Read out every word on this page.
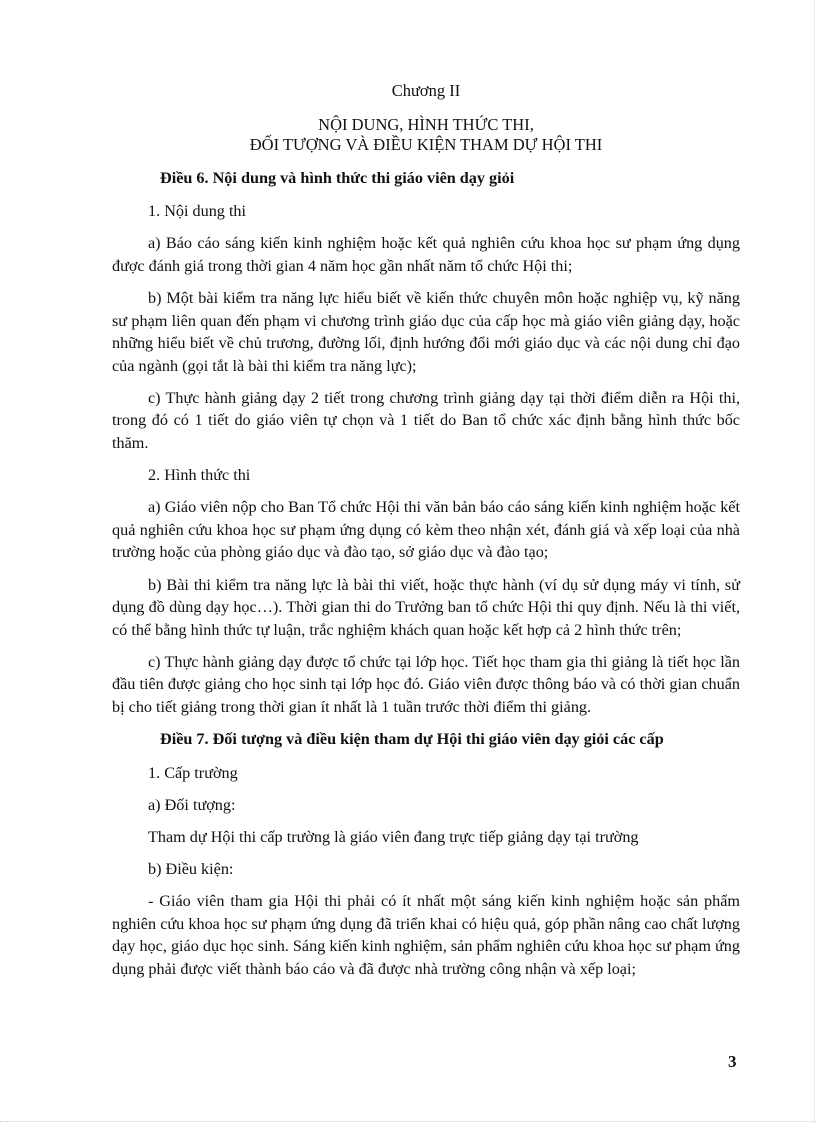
Chương II
NỘI DUNG, HÌNH THỨC THI,
ĐỐI TƯỢNG VÀ ĐIỀU KIỆN THAM DỰ HỘI THI
Điều 6. Nội dung và hình thức thi giáo viên dạy giỏi
1. Nội dung thi
a) Báo cáo sáng kiến kinh nghiệm hoặc kết quả nghiên cứu khoa học sư phạm ứng dụng được đánh giá trong thời gian 4 năm học gần nhất năm tổ chức Hội thi;
b) Một bài kiểm tra năng lực hiểu biết về kiến thức chuyên môn hoặc nghiệp vụ, kỹ năng sư phạm liên quan đến phạm vi chương trình giáo dục của cấp học mà giáo viên giảng dạy, hoặc những hiểu biết về chủ trương, đường lối, định hướng đổi mới giáo dục và các nội dung chỉ đạo của ngành (gọi tắt là bài thi kiểm tra năng lực);
c) Thực hành giảng dạy 2 tiết trong chương trình giảng dạy tại thời điểm diễn ra Hội thi, trong đó có 1 tiết do giáo viên tự chọn và 1 tiết do Ban tổ chức xác định bằng hình thức bốc thăm.
2. Hình thức thi
a) Giáo viên nộp cho Ban Tổ chức Hội thi văn bản báo cáo sáng kiến kinh nghiệm hoặc kết quả nghiên cứu khoa học sư phạm ứng dụng có kèm theo nhận xét, đánh giá và xếp loại của nhà trường hoặc của phòng giáo dục và đào tạo, sở giáo dục và đào tạo;
b) Bài thi kiểm tra năng lực là bài thi viết, hoặc thực hành (ví dụ sử dụng máy vi tính, sử dụng đồ dùng dạy học…). Thời gian thi do Trưởng ban tổ chức Hội thi quy định. Nếu là thi viết, có thể bằng hình thức tự luận, trắc nghiệm khách quan hoặc kết hợp cả 2 hình thức trên;
c) Thực hành giảng dạy được tổ chức tại lớp học. Tiết học tham gia thi giảng là tiết học lần đầu tiên được giảng cho học sinh tại lớp học đó. Giáo viên được thông báo và có thời gian chuẩn bị cho tiết giảng trong thời gian ít nhất là 1 tuần trước thời điểm thi giảng.
Điều 7. Đối tượng và điều kiện tham dự Hội thi giáo viên dạy giỏi các cấp
1. Cấp trường
a) Đối tượng:
Tham dự Hội thi cấp trường là giáo viên đang trực tiếp giảng dạy tại trường
b) Điều kiện:
- Giáo viên tham gia Hội thi phải có ít nhất một sáng kiến kinh nghiệm hoặc sản phẩm nghiên cứu khoa học sư phạm ứng dụng đã triển khai có hiệu quả, góp phần nâng cao chất lượng dạy học, giáo dục học sinh. Sáng kiến kinh nghiệm, sản phẩm nghiên cứu khoa học sư phạm ứng dụng phải được viết thành báo cáo và đã được nhà trường công nhận và xếp loại;
3
